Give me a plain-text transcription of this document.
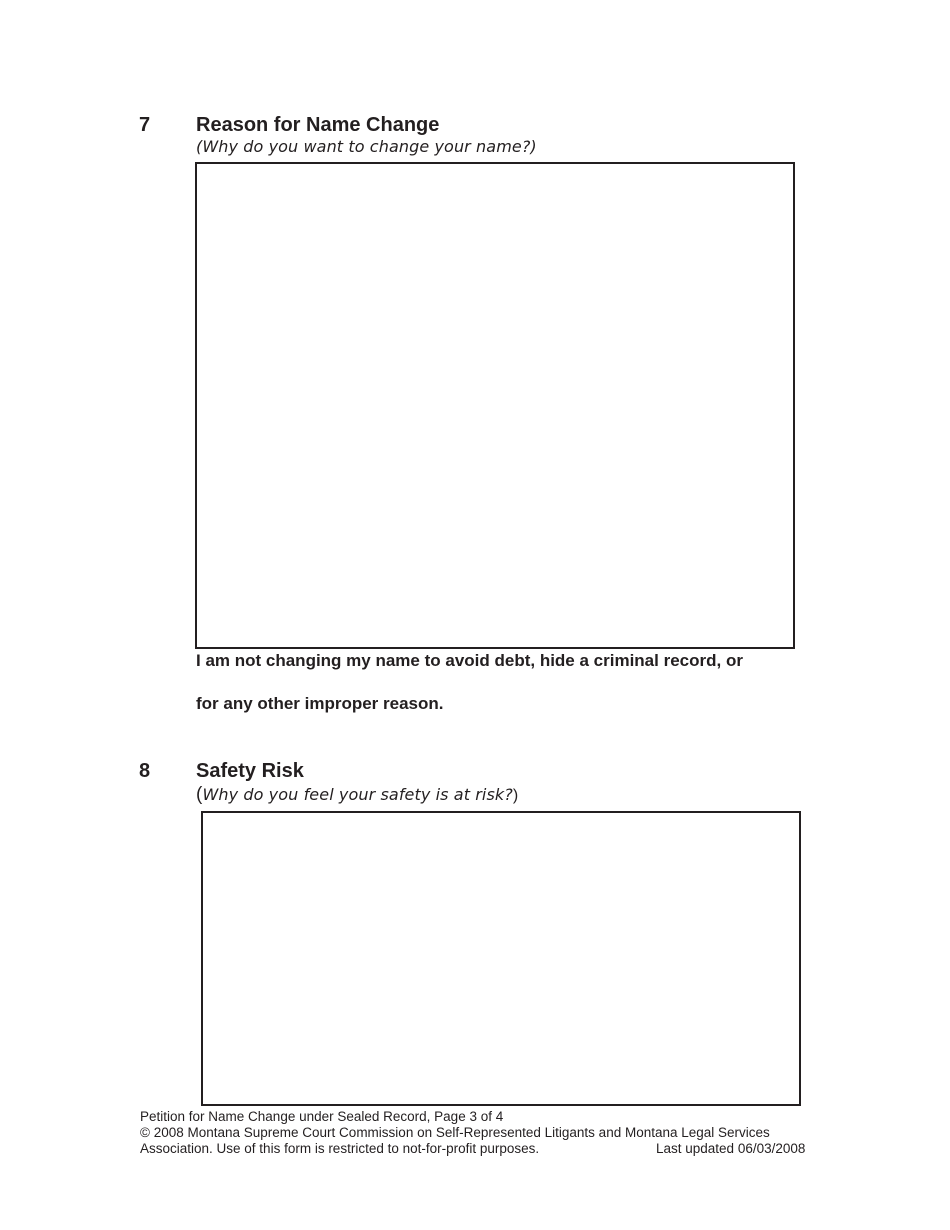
7 Reason for Name Change
(Why do you want to change your name?)
I am not changing my name to avoid debt, hide a criminal record, or
for any other improper reason.
8 Safety Risk
(Why do you feel your safety is at risk?)
Petition for Name Change under Sealed Record, Page 3 of 4
© 2008 Montana Supreme Court Commission on Self-Represented Litigants and Montana Legal Services
Association. Use of this form is restricted to not-for-profit purposes.	Last updated 06/03/2008
